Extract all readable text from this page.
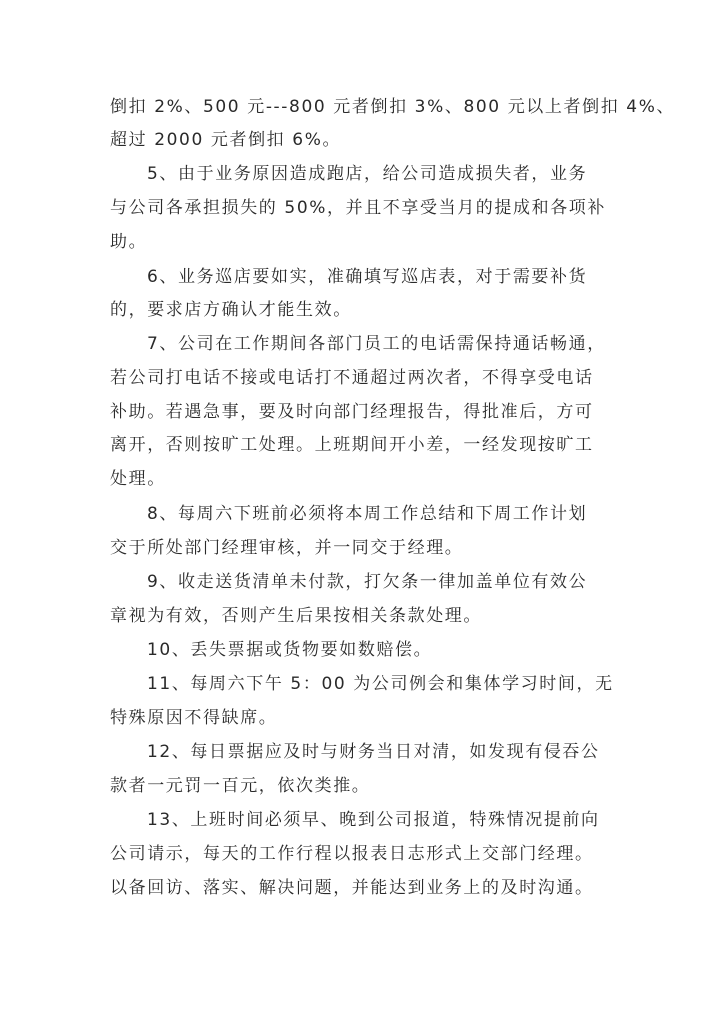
倒扣 2%、500 元---800 元者倒扣 3%、800 元以上者倒扣 4%、
超过 2000 元者倒扣 6%。
5、由于业务原因造成跑店，给公司造成损失者，业务
与公司各承担损失的 50%，并且不享受当月的提成和各项补
助。
6、业务巡店要如实，准确填写巡店表，对于需要补货
的，要求店方确认才能生效。
7、公司在工作期间各部门员工的电话需保持通话畅通，
若公司打电话不接或电话打不通超过两次者，不得享受电话
补助。若遇急事，要及时向部门经理报告，得批准后，方可
离开，否则按旷工处理。上班期间开小差，一经发现按旷工
处理。
8、每周六下班前必须将本周工作总结和下周工作计划
交于所处部门经理审核，并一同交于经理。
9、收走送货清单未付款，打欠条一律加盖单位有效公
章视为有效，否则产生后果按相关条款处理。
10、丢失票据或货物要如数赔偿。
11、每周六下午 5：00 为公司例会和集体学习时间，无
特殊原因不得缺席。
12、每日票据应及时与财务当日对清，如发现有侵吞公
款者一元罚一百元，依次类推。
13、上班时间必须早、晚到公司报道，特殊情况提前向
公司请示，每天的工作行程以报表日志形式上交部门经理。
以备回访、落实、解决问题，并能达到业务上的及时沟通。
